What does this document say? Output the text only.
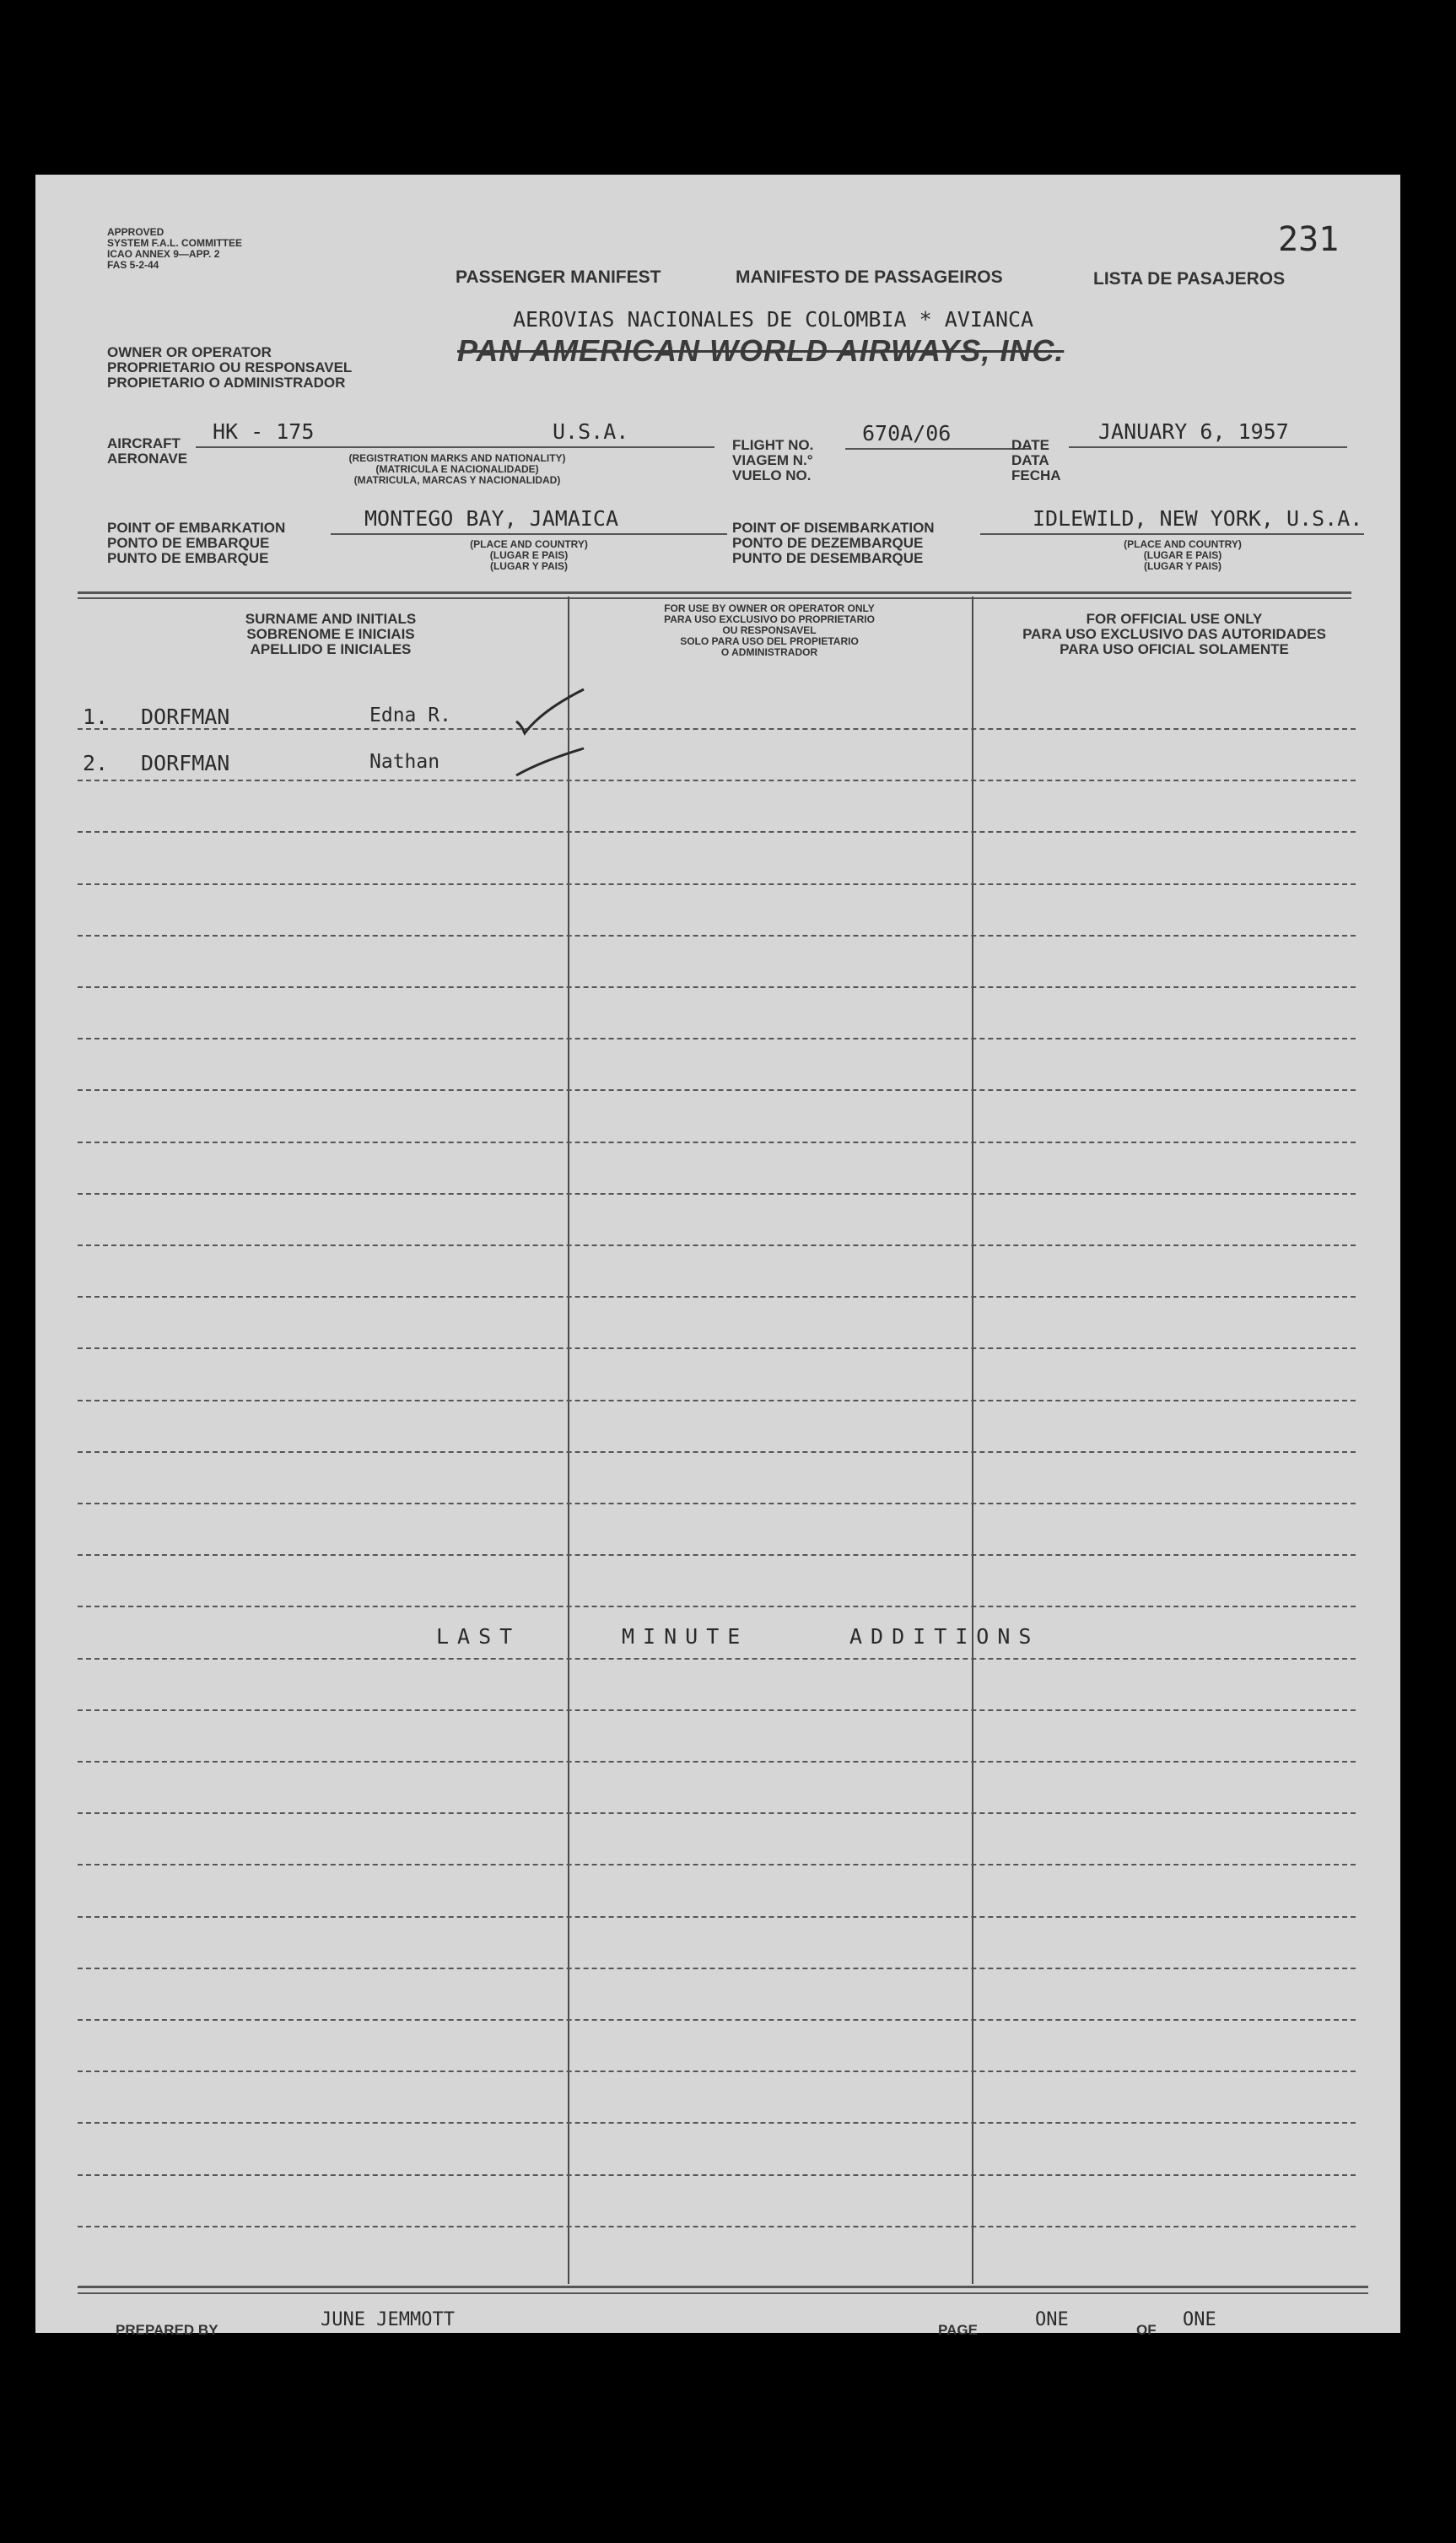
231
APPROVED
SYSTEM F.A.L. COMMITTEE
ICAO ANNEX 9—APP. 2
FAS 5-2-44
OWNER OR OPERATOR
PROPRIETARIO OU RESPONSAVEL
PROPIETARIO O ADMINISTRADOR
PASSENGER MANIFEST	MANIFESTO DE PASSAGEIROS	LISTA DE PASAJEROS
AEROVIAS NACIONALES DE COLOMBIA * AVIANCA
PAN AMERICAN WORLD AIRWAYS, INC.
AIRCRAFT
AERONAVE
HK - 175	U.S.A.
(REGISTRATION MARKS AND NATIONALITY)
(MATRICULA E NACIONALIDADE)
(MATRICULA, MARCAS Y NACIONALIDAD)
FLIGHT NO.
VIAGEM N.°
VUELO NO.
670A/06	DATE
DATA
FECHA
JANUARY 6, 1957
POINT OF EMBARKATION
PONTO DE EMBARQUE
PUNTO DE EMBARQUE
MONTEGO BAY, JAMAICA
(PLACE AND COUNTRY)
(LUGAR E PAIS)
(LUGAR Y PAIS)
POINT OF DISEMBARKATION
PONTO DE DEZEMBARQUE
PUNTO DE DESEMBARQUE
IDLEWILD, NEW YORK, U.S.A.
(PLACE AND COUNTRY)
(LUGAR E PAIS)
(LUGAR Y PAIS)
SURNAME AND INITIALS
SOBRENOME E INICIAIS
APELLIDO E INICIALES
FOR USE BY OWNER OR OPERATOR ONLY
PARA USO EXCLUSIVO DO PROPRIETARIO
OU RESPONSAVEL
SOLO PARA USO DEL PROPIETARIO
O ADMINISTRADOR
FOR OFFICIAL USE ONLY
PARA USO EXCLUSIVO DAS AUTORIDADES
PARA USO OFICIAL SOLAMENTE
1. DORFMAN	Edna R.
2. DORFMAN	Nathan
LAST	MINUTE	ADDITIONS
PREPARED BY	JUNE JEMMOTT	PAGE	ONE	OF ONE
